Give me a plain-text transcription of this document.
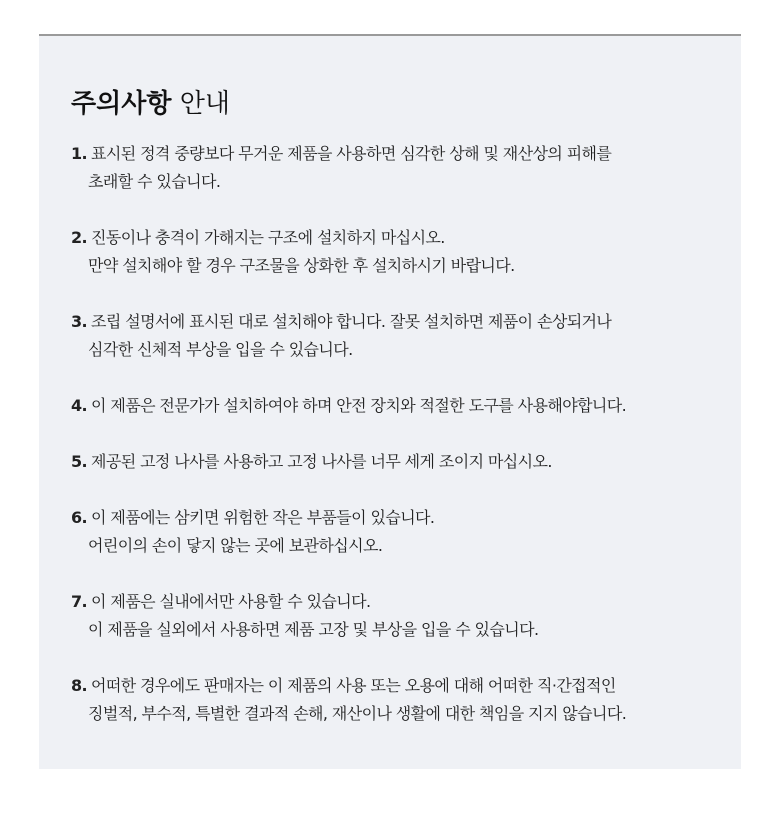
주의사항 안내
1. 표시된 정격 중량보다 무거운 제품을 사용하면 심각한 상해 및 재산상의 피해를
초래할 수 있습니다.
2. 진동이나 충격이 가해지는 구조에 설치하지 마십시오.
만약 설치해야 할 경우 구조물을 상화한 후 설치하시기 바랍니다.
3. 조립 설명서에 표시된 대로 설치해야 합니다. 잘못 설치하면 제품이 손상되거나
심각한 신체적 부상을 입을 수 있습니다.
4. 이 제품은 전문가가 설치하여야 하며 안전 장치와 적절한 도구를 사용해야합니다.
5. 제공된 고정 나사를 사용하고 고정 나사를 너무 세게 조이지 마십시오.
6. 이 제품에는 삼키면 위험한 작은 부품들이 있습니다.
어린이의 손이 닿지 않는 곳에 보관하십시오.
7. 이 제품은 실내에서만 사용할 수 있습니다.
이 제품을 실외에서 사용하면 제품 고장 및 부상을 입을 수 있습니다.
8. 어떠한 경우에도 판매자는 이 제품의 사용 또는 오용에 대해 어떠한 직·간접적인
징벌적, 부수적, 특별한 결과적 손해, 재산이나 생활에 대한 책임을 지지 않습니다.
